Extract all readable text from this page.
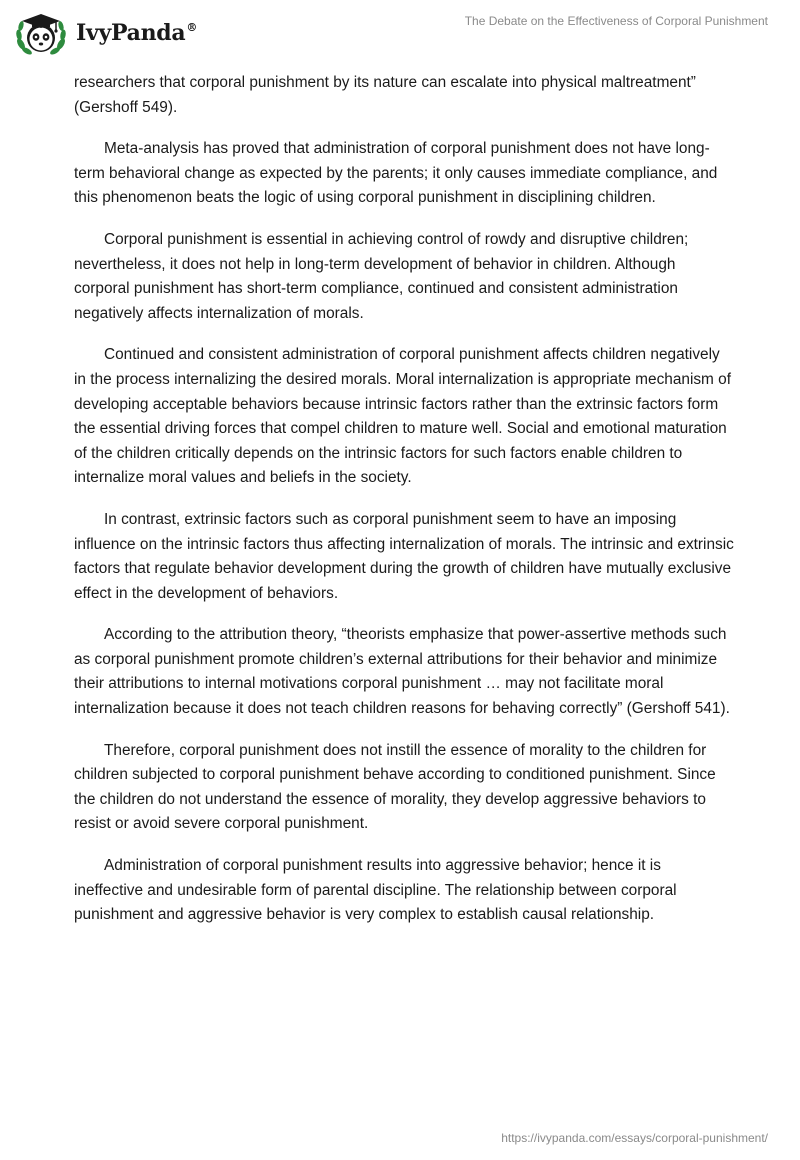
IvyPanda®	The Debate on the Effectiveness of Corporal Punishment

researchers that corporal punishment by its nature can escalate into physical maltreatment” (Gershoff 549).

Meta-analysis has proved that administration of corporal punishment does not have long-term behavioral change as expected by the parents; it only causes immediate compliance, and this phenomenon beats the logic of using corporal punishment in disciplining children.

Corporal punishment is essential in achieving control of rowdy and disruptive children; nevertheless, it does not help in long-term development of behavior in children. Although corporal punishment has short-term compliance, continued and consistent administration negatively affects internalization of morals.

Continued and consistent administration of corporal punishment affects children negatively in the process internalizing the desired morals. Moral internalization is appropriate mechanism of developing acceptable behaviors because intrinsic factors rather than the extrinsic factors form the essential driving forces that compel children to mature well. Social and emotional maturation of the children critically depends on the intrinsic factors for such factors enable children to internalize moral values and beliefs in the society.

In contrast, extrinsic factors such as corporal punishment seem to have an imposing influence on the intrinsic factors thus affecting internalization of morals. The intrinsic and extrinsic factors that regulate behavior development during the growth of children have mutually exclusive effect in the development of behaviors.

According to the attribution theory, “theorists emphasize that power-assertive methods such as corporal punishment promote children’s external attributions for their behavior and minimize their attributions to internal motivations corporal punishment … may not facilitate moral internalization because it does not teach children reasons for behaving correctly” (Gershoff 541).

Therefore, corporal punishment does not instill the essence of morality to the children for children subjected to corporal punishment behave according to conditioned punishment. Since the children do not understand the essence of morality, they develop aggressive behaviors to resist or avoid severe corporal punishment.

Administration of corporal punishment results into aggressive behavior; hence it is ineffective and undesirable form of parental discipline. The relationship between corporal punishment and aggressive behavior is very complex to establish causal relationship.

https://ivypanda.com/essays/corporal-punishment/
